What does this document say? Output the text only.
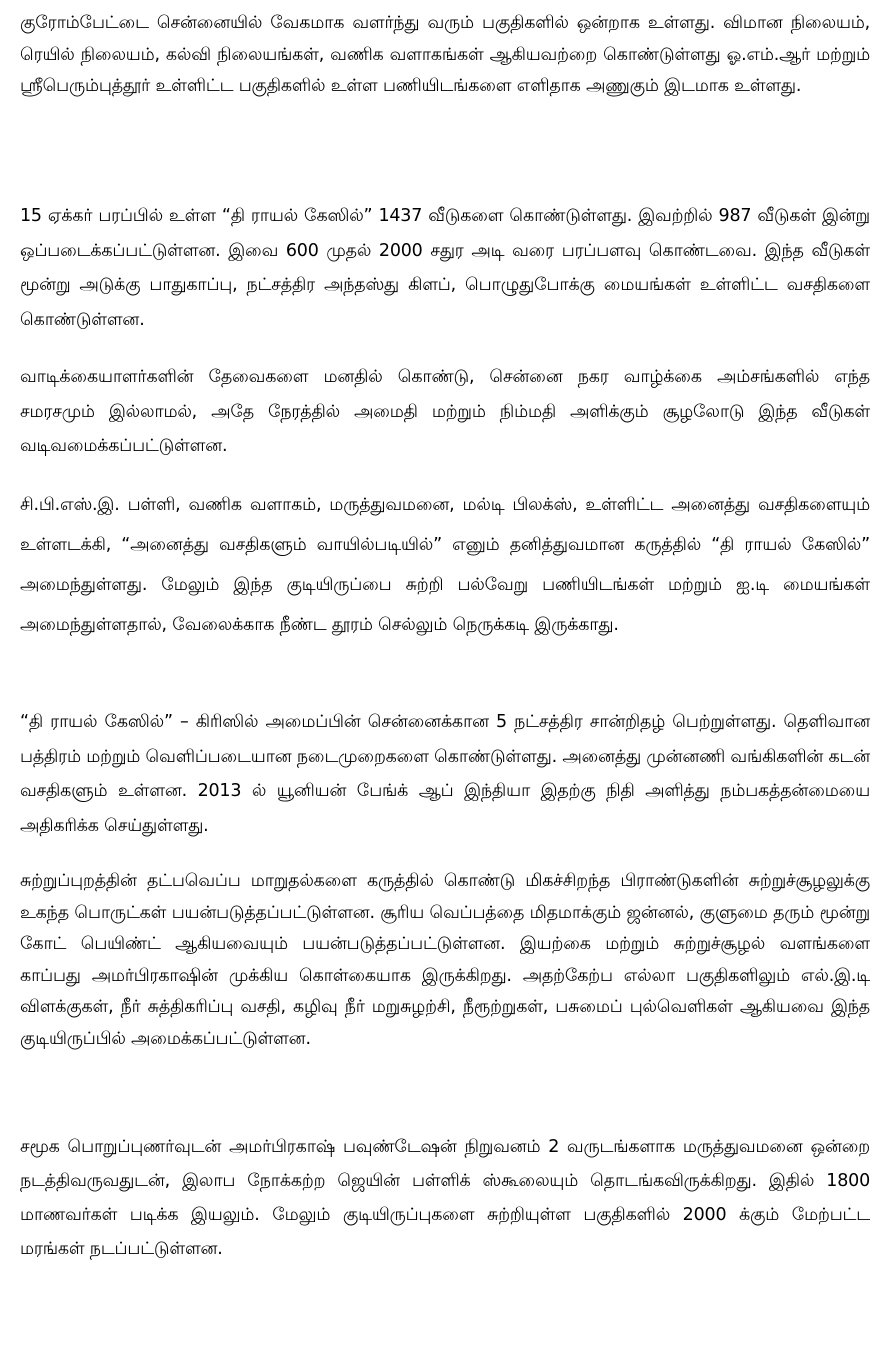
குரோம்பேட்டை சென்னையில் வேகமாக வளர்ந்து வரும் பகுதிகளில் ஒன்றாக உள்ளது. விமான நிலையம், ரெயில் நிலையம், கல்வி நிலையங்கள், வணிக வளாகங்கள் ஆகியவற்றை கொண்டுள்ளது ஓ.எம்.ஆர் மற்றும் ஸ்ரீபெரும்புத்தூர் உள்ளிட்ட பகுதிகளில் உள்ள பணியிடங்களை எளிதாக அணுகும் இடமாக உள்ளது.

15 ஏக்கர் பரப்பில் உள்ள “தி ராயல் கேஸில்” 1437 வீடுகளை கொண்டுள்ளது. இவற்றில் 987 வீடுகள் இன்று ஒப்படைக்கப்பட்டுள்ளன. இவை 600 முதல் 2000 சதுர அடி வரை பரப்பளவு கொண்டவை. இந்த வீடுகள் மூன்று அடுக்கு பாதுகாப்பு, நட்சத்திர அந்தஸ்து கிளப், பொழுதுபோக்கு மையங்கள் உள்ளிட்ட வசதிகளை கொண்டுள்ளன.

வாடிக்கையாளர்களின் தேவைகளை மனதில் கொண்டு, சென்னை நகர வாழ்க்கை அம்சங்களில் எந்த சமரசமும் இல்லாமல், அதே நேரத்தில் அமைதி மற்றும் நிம்மதி அளிக்கும் சூழலோடு இந்த வீடுகள் வடிவமைக்கப்பட்டுள்ளன.

சி.பி.எஸ்.இ. பள்ளி, வணிக வளாகம், மருத்துவமனை, மல்டி பிலக்ஸ், உள்ளிட்ட அனைத்து வசதிகளையும் உள்ளடக்கி, “அனைத்து வசதிகளும் வாயில்படியில்” எனும் தனித்துவமான கருத்தில் “தி ராயல் கேஸில்” அமைந்துள்ளது. மேலும் இந்த குடியிருப்பை சுற்றி பல்வேறு பணியிடங்கள் மற்றும் ஐ.டி மையங்கள் அமைந்துள்ளதால், வேலைக்காக நீண்ட தூரம் செல்லும் நெருக்கடி இருக்காது.

“தி ராயல் கேஸில்” – கிரிஸில் அமைப்பின் சென்னைக்கான 5 நட்சத்திர சான்றிதழ் பெற்றுள்ளது. தெளிவான பத்திரம் மற்றும் வெளிப்படையான நடைமுறைகளை கொண்டுள்ளது. அனைத்து முன்னணி வங்கிகளின் கடன் வசதிகளும் உள்ளன. 2013 ல் யூனியன் பேங்க் ஆப் இந்தியா இதற்கு நிதி அளித்து நம்பகத்தன்மையை அதிகரிக்க செய்துள்ளது.

சுற்றுப்புறத்தின் தட்பவெப்ப மாறுதல்களை கருத்தில் கொண்டு மிகச்சிறந்த பிராண்டுகளின் சுற்றுச்சூழலுக்கு உகந்த பொருட்கள் பயன்படுத்தப்பட்டுள்ளன. சூரிய வெப்பத்தை மிதமாக்கும் ஜன்னல், குளுமை தரும் மூன்று கோட் பெயிண்ட் ஆகியவையும் பயன்படுத்தப்பட்டுள்ளன. இயற்கை மற்றும் சுற்றுச்சூழல் வளங்களை காப்பது அமர்பிரகாஷின் முக்கிய கொள்கையாக இருக்கிறது. அதற்கேற்ப எல்லா பகுதிகளிலும் எல்.இ.டி விளக்குகள், நீர் சுத்திகரிப்பு வசதி, கழிவு நீர் மறுசுழற்சி, நீரூற்றுகள், பசுமைப் புல்வெளிகள் ஆகியவை இந்த குடியிருப்பில் அமைக்கப்பட்டுள்ளன.

சமூக பொறுப்புணர்வுடன் அமர்பிரகாஷ் பவுண்டேஷன் நிறுவனம் 2 வருடங்களாக மருத்துவமனை ஒன்றை நடத்திவருவதுடன், இலாப நோக்கற்ற ஜெயின் பள்ளிக் ஸ்கூலையும் தொடங்கவிருக்கிறது. இதில் 1800 மாணவர்கள் படிக்க இயலும். மேலும் குடியிருப்புகளை சுற்றியுள்ள பகுதிகளில் 2000 க்கும் மேற்பட்ட மரங்கள் நடப்பட்டுள்ளன.
